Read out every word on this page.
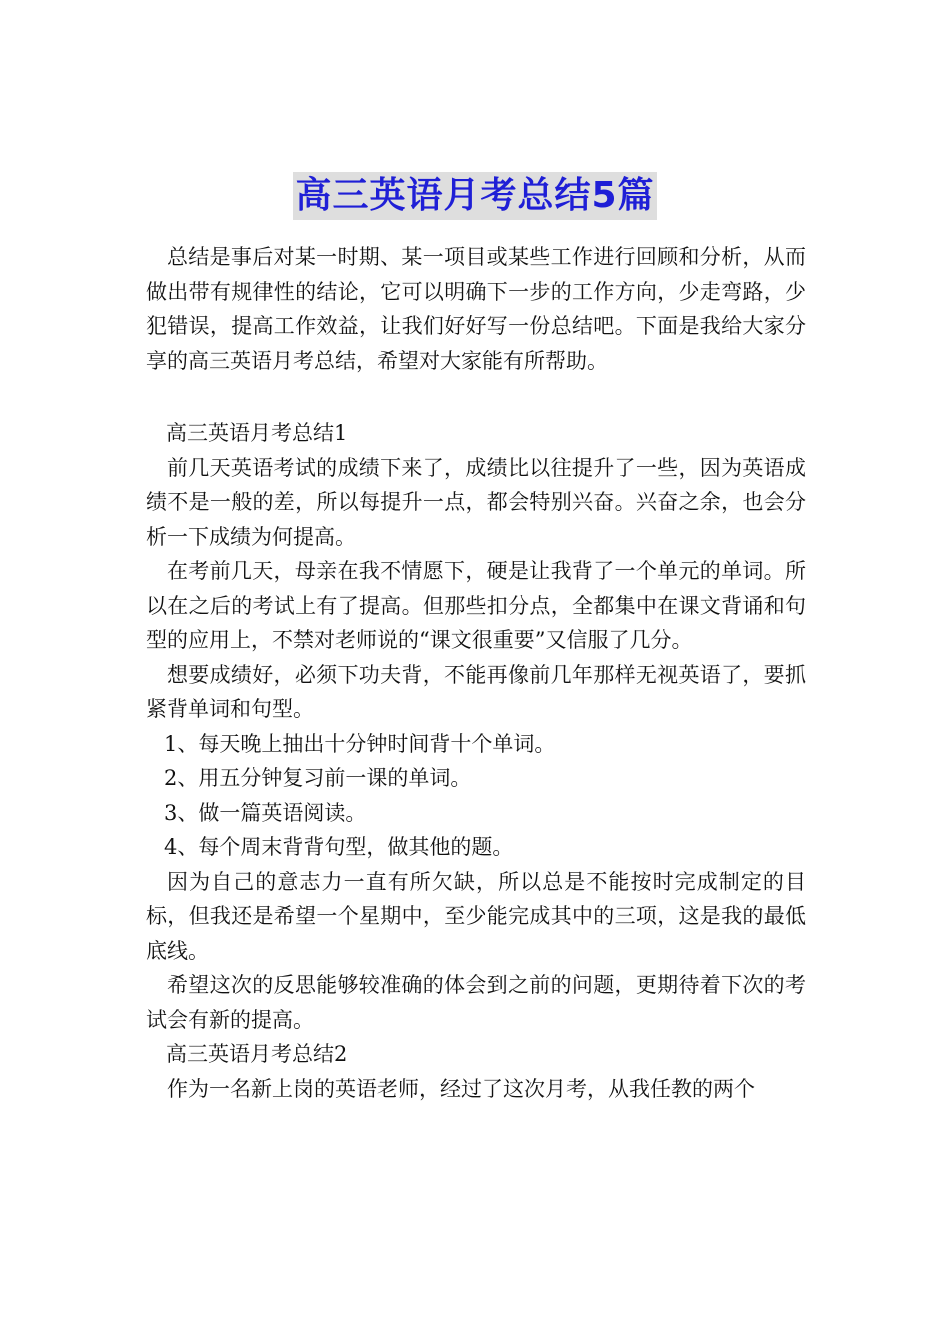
高三英语月考总结5篇

总结是事后对某一时期、某一项目或某些工作进行回顾和分析，从而做出带有规律性的结论，它可以明确下一步的工作方向，少走弯路，少犯错误，提高工作效益，让我们好好写一份总结吧。下面是我给大家分享的高三英语月考总结，希望对大家能有所帮助。

高三英语月考总结1

前几天英语考试的成绩下来了，成绩比以往提升了一些，因为英语成绩不是一般的差，所以每提升一点，都会特别兴奋。兴奋之余，也会分析一下成绩为何提高。

在考前几天，母亲在我不情愿下，硬是让我背了一个单元的单词。所以在之后的考试上有了提高。但那些扣分点，全都集中在课文背诵和句型的应用上，不禁对老师说的“课文很重要”又信服了几分。

想要成绩好，必须下功夫背，不能再像前几年那样无视英语了，要抓紧背单词和句型。

1、每天晚上抽出十分钟时间背十个单词。

2、用五分钟复习前一课的单词。

3、做一篇英语阅读。

4、每个周末背背句型，做其他的题。

因为自己的意志力一直有所欠缺，所以总是不能按时完成制定的目标，但我还是希望一个星期中，至少能完成其中的三项，这是我的最低底线。

希望这次的反思能够较准确的体会到之前的问题，更期待着下次的考试会有新的提高。

高三英语月考总结2

作为一名新上岗的英语老师，经过了这次月考，从我任教的两个
